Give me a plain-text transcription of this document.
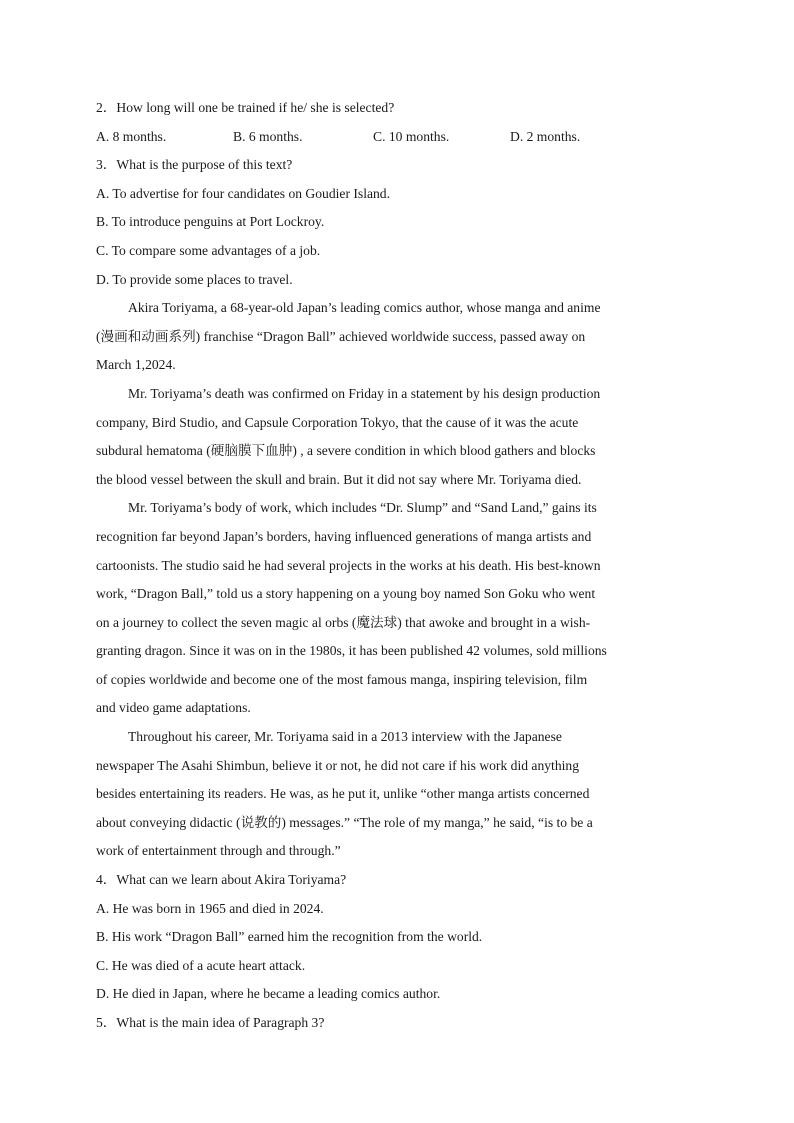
2．How long will one be trained if he/ she is selected?
A. 8 months.	B. 6 months.	C. 10 months.	D. 2 months.
3．What is the purpose of this text?
A. To advertise for four candidates on Goudier Island.
B. To introduce penguins at Port Lockroy.
C. To compare some advantages of a job.
D. To provide some places to travel.
Akira Toriyama, a 68-year-old Japan’s leading comics author, whose manga and anime
(漫画和动画系列) franchise “Dragon Ball” achieved worldwide success, passed away on
March 1,2024.
Mr. Toriyama’s death was confirmed on Friday in a statement by his design production
company, Bird Studio, and Capsule Corporation Tokyo, that the cause of it was the acute
subdural hematoma (硬脑膜下血肿) , a severe condition in which blood gathers and blocks
the blood vessel between the skull and brain. But it did not say where Mr. Toriyama died.
Mr. Toriyama’s body of work, which includes “Dr. Slump” and “Sand Land,” gains its
recognition far beyond Japan’s borders, having influenced generations of manga artists and
cartoonists. The studio said he had several projects in the works at his death. His best-known
work, “Dragon Ball,” told us a story happening on a young boy named Son Goku who went
on a journey to collect the seven magic al orbs (魔法球) that awoke and brought in a wish-
granting dragon. Since it was on in the 1980s, it has been published 42 volumes, sold millions
of copies worldwide and become one of the most famous manga, inspiring television, film
and video game adaptations.
Throughout his career, Mr. Toriyama said in a 2013 interview with the Japanese
newspaper The Asahi Shimbun, believe it or not, he did not care if his work did anything
besides entertaining its readers. He was, as he put it, unlike “other manga artists concerned
about conveying didactic (说教的) messages.” “The role of my manga,” he said, “is to be a
work of entertainment through and through.”
4．What can we learn about Akira Toriyama?
A. He was born in 1965 and died in 2024.
B. His work “Dragon Ball” earned him the recognition from the world.
C. He was died of a acute heart attack.
D. He died in Japan, where he became a leading comics author.
5．What is the main idea of Paragraph 3?
